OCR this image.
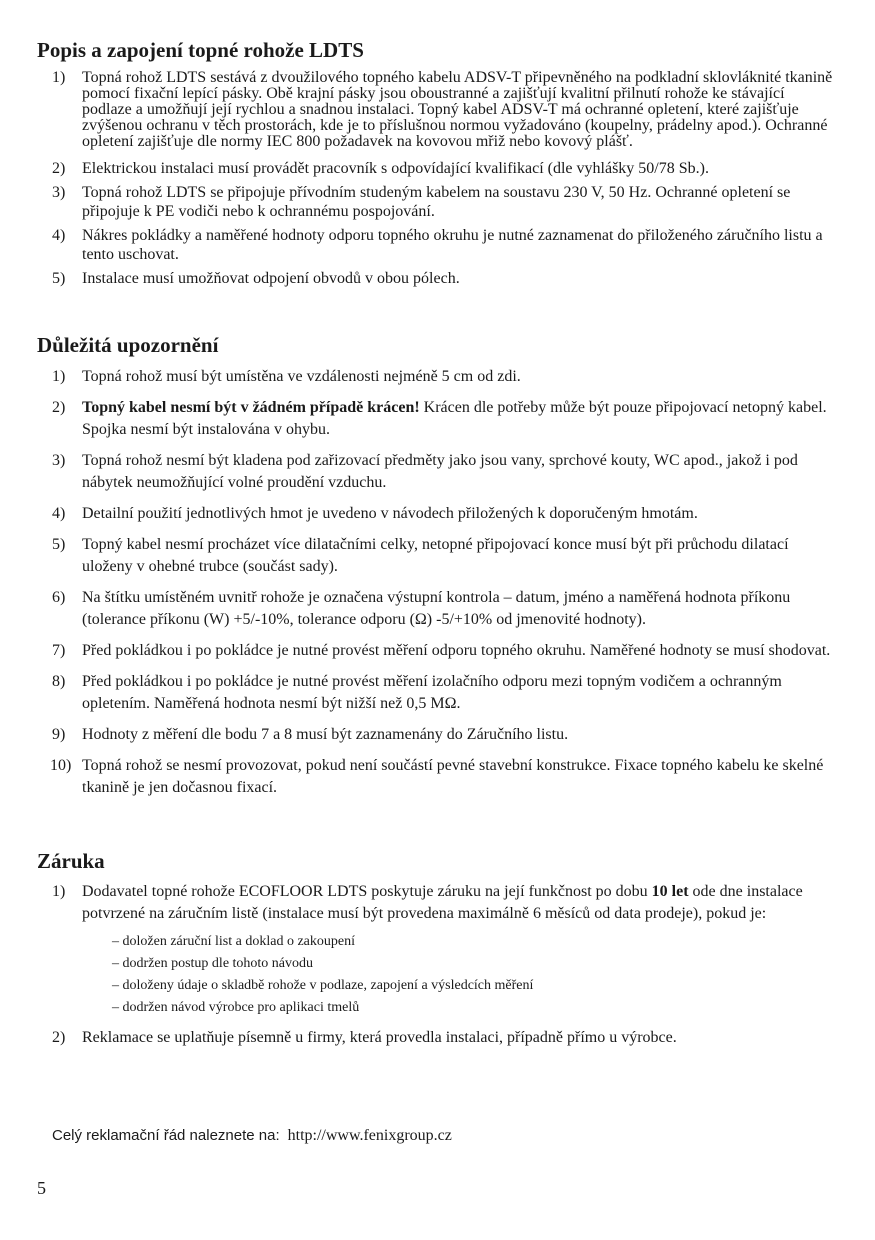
Popis a zapojení topné rohože LDTS
1) Topná rohož LDTS sestává z dvoužilového topného kabelu ADSV-T připevněného na podkladní sklovláknité tkanině pomocí fixační lepící pásky. Obě krajní pásky jsou oboustranné a zajišťují kvalitní přilnutí rohože ke stávající podlaze a umožňují její rychlou a snadnou instalaci. Topný kabel ADSV-T má ochranné opletení, které zajišťuje zvýšenou ochranu v těch prostorách, kde je to příslušnou normou vyžadováno (koupelny, prádelny apod.). Ochranné opletení zajišťuje dle normy IEC 800 požadavek na kovovou mřiž nebo kovový plášť.
2) Elektrickou instalaci musí provádět pracovník s odpovídající kvalifikací (dle vyhlášky 50/78 Sb.).
3) Topná rohož LDTS se připojuje přívodním studeným kabelem na soustavu 230 V, 50 Hz. Ochranné opletení se připojuje k PE vodiči nebo k ochrannému pospojování.
4) Nákres pokládky a naměřené hodnoty odporu topného okruhu je nutné zaznamenat do přiloženého záručního listu a tento uschovat.
5) Instalace musí umožňovat odpojení obvodů v obou pólech.
Důležitá upozornění
1) Topná rohož musí být umístěna ve vzdálenosti nejméně 5 cm od zdi.
2) Topný kabel nesmí být v žádném případě krácen! Krácen dle potřeby může být pouze připojovací netopný kabel. Spojka nesmí být instalována v ohybu.
3) Topná rohož nesmí být kladena pod zařizovací předměty jako jsou vany, sprchové kouty, WC apod., jakož i pod nábytek neumožňující volné proudění vzduchu.
4) Detailní použití jednotlivých hmot je uvedeno v návodech přiložených k doporučeným hmotám.
5) Topný kabel nesmí procházet více dilatačními celky, netopné připojovací konce musí být při průchodu dilatací uloženy v ohebné trubce (součást sady).
6) Na štítku umístěném uvnitř rohože je označena výstupní kontrola – datum, jméno a naměřená hodnota příkonu (tolerance příkonu (W) +5/-10%, tolerance odporu (Ω) -5/+10% od jmenovité hodnoty).
7) Před pokládkou i po pokládce je nutné provést měření odporu topného okruhu. Naměřené hodnoty se musí shodovat.
8) Před pokládkou i po pokládce je nutné provést měření izolačního odporu mezi topným vodičem a ochranným opletením. Naměřená hodnota nesmí být nižší než 0,5 MΩ.
9) Hodnoty z měření dle bodu 7 a 8 musí být zaznamenány do Záručního listu.
10) Topná rohož se nesmí provozovat, pokud není součástí pevné stavební konstrukce. Fixace topného kabelu ke skelné tkanině je jen dočasnou fixací.
Záruka
1) Dodavatel topné rohože ECOFLOOR LDTS poskytuje záruku na její funkčnost po dobu 10 let ode dne instalace potvrzené na záručním listě (instalace musí být provedena maximálně 6 měsíců od data prodeje), pokud je:
– doložen záruční list a doklad o zakoupení
– dodržen postup dle tohoto návodu
– doloženy údaje o skladbě rohože v podlaze, zapojení a výsledcích měření
– dodržen návod výrobce pro aplikaci tmelů
2) Reklamace se uplatňuje písemně u firmy, která provedla instalaci, případně přímo u výrobce.
Celý reklamační řád naleznete na: http://www.fenixgroup.cz
5
